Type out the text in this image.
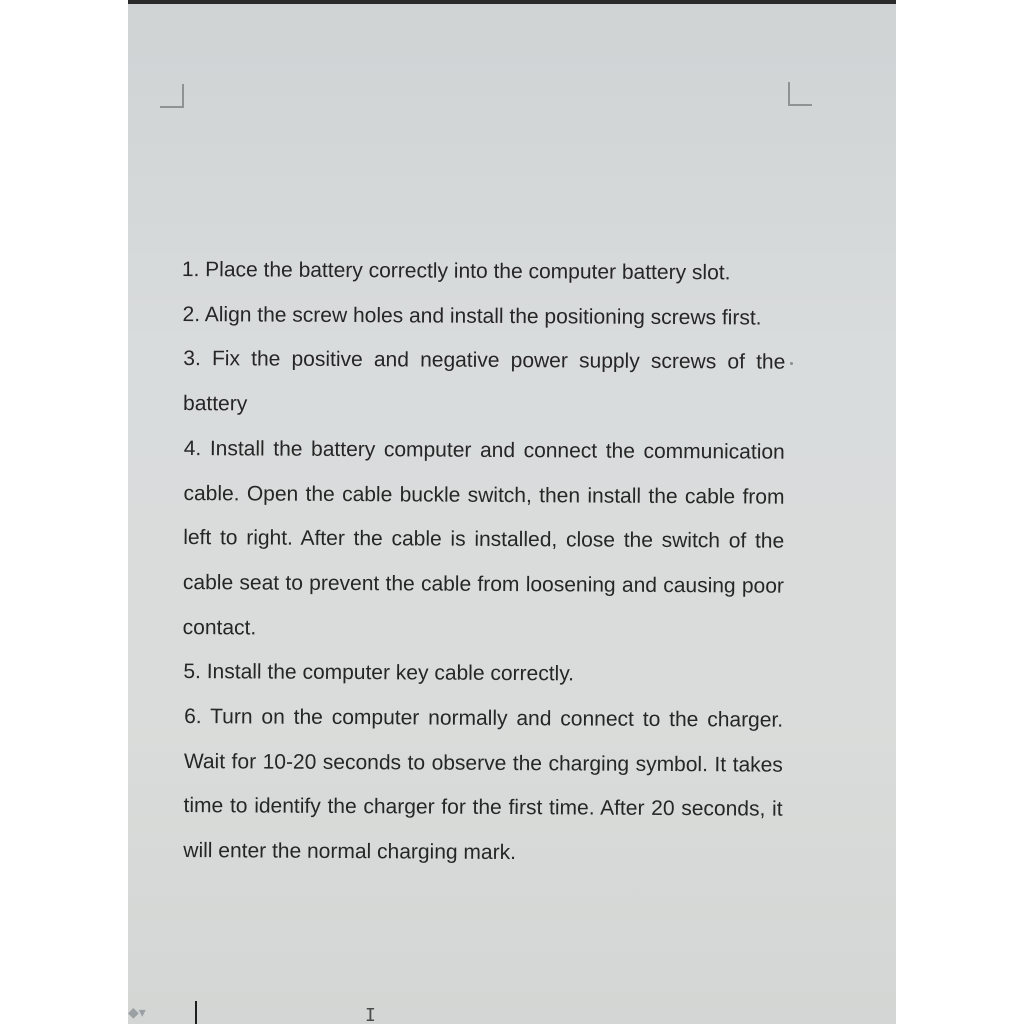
1. Place the battery correctly into the computer battery slot.

2. Align the screw holes and install the positioning screws first.

3. Fix the positive and negative power supply screws of the battery

4. Install the battery computer and connect the communication cable. Open the cable buckle switch, then install the cable from left to right. After the cable is installed, close the switch of the cable seat to prevent the cable from loosening and causing poor contact.

5. Install the computer key cable correctly.

6. Turn on the computer normally and connect to the charger. Wait for 10-20 seconds to observe the charging symbol. It takes time to identify the charger for the first time. After 20 seconds, it will enter the normal charging mark.

I
◆▾
